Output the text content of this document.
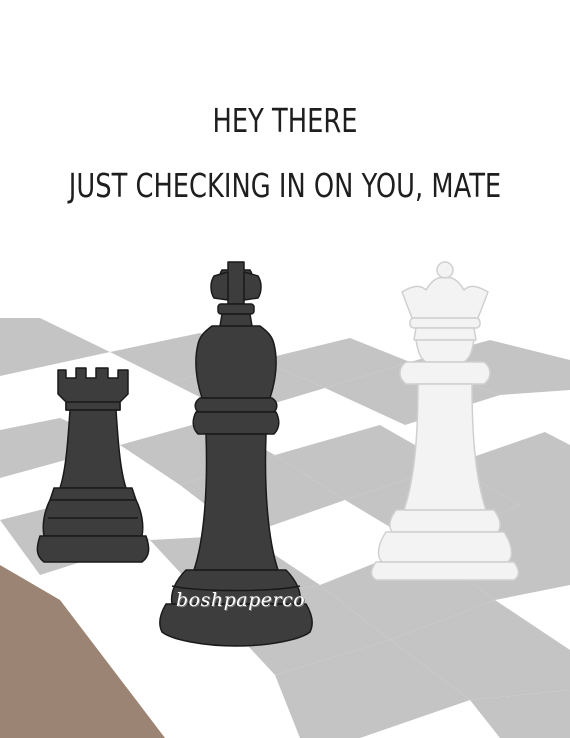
HEY THERE
JUST CHECKING IN ON YOU, MATE
boshpaperco
